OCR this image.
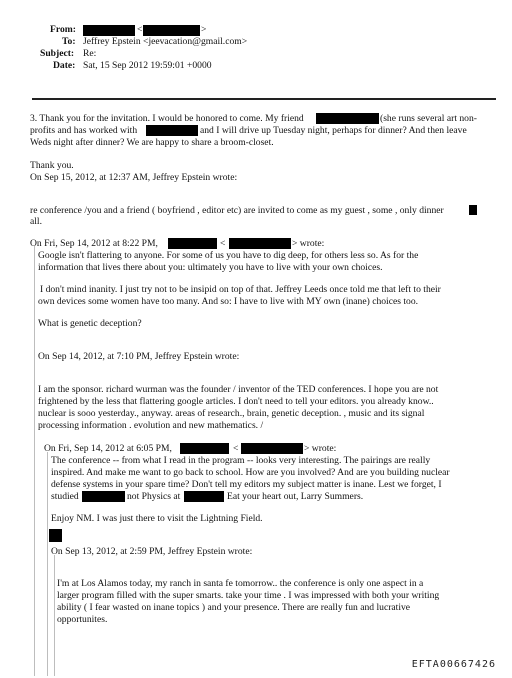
From:	<	>
To: Jeffrey Epstein <jeevacation@gmail.com>
Subject: Re:
Date: Sat, 15 Sep 2012 19:59:01 +0000
3. Thank you for the invitation. I would be honored to come. My friend	(she runs several art non-
profits and has worked with	and I will drive up Tuesday night, perhaps for dinner? And then leave
Weds night after dinner? We are happy to share a broom-closet.
Thank you.
On Sep 15, 2012, at 12:37 AM, Jeffrey Epstein wrote:
re conference /you and a friend ( boyfriend , editor etc) are invited to come as my guest , some , only dinner
all.
On Fri, Sep 14, 2012 at 8:22 PM,	<	> wrote:
Google isn't flattering to anyone. For some of us you have to dig deep, for others less so. As for the
information that lives there about you: ultimately you have to live with your own choices.
I don't mind inanity. I just try not to be insipid on top of that. Jeffrey Leeds once told me that left to their
own devices some women have too many. And so: I have to live with MY own (inane) choices too.
What is genetic deception?
On Sep 14, 2012, at 7:10 PM, Jeffrey Epstein wrote:
I am the sponsor. richard wurman was the founder / inventor of the TED conferences. I hope you are not
frightened by the less that flattering google articles. I don't need to tell your editors. you already know..
nuclear is sooo yesterday., anyway. areas of research., brain, genetic deception. , music and its signal
processing information . evolution and new mathematics. /
On Fri, Sep 14, 2012 at 6:05 PM,	<	> wrote:
The conference -- from what I read in the program -- looks very interesting. The pairings are really
inspired. And make me want to go back to school. How are you involved? And are you building nuclear
defense systems in your spare time? Don't tell my editors my subject matter is inane. Lest we forget, I
studied	not Physics at	Eat your heart out, Larry Summers.
Enjoy NM. I was just there to visit the Lightning Field.
On Sep 13, 2012, at 2:59 PM, Jeffrey Epstein wrote:
I'm at Los Alamos today, my ranch in santa fe tomorrow.. the conference is only one aspect in a
larger program filled with the super smarts. take your time . I was impressed with both your writing
ability ( I fear wasted on inane topics ) and your presence. There are really fun and lucrative
opportunites.
EFTA00667426
